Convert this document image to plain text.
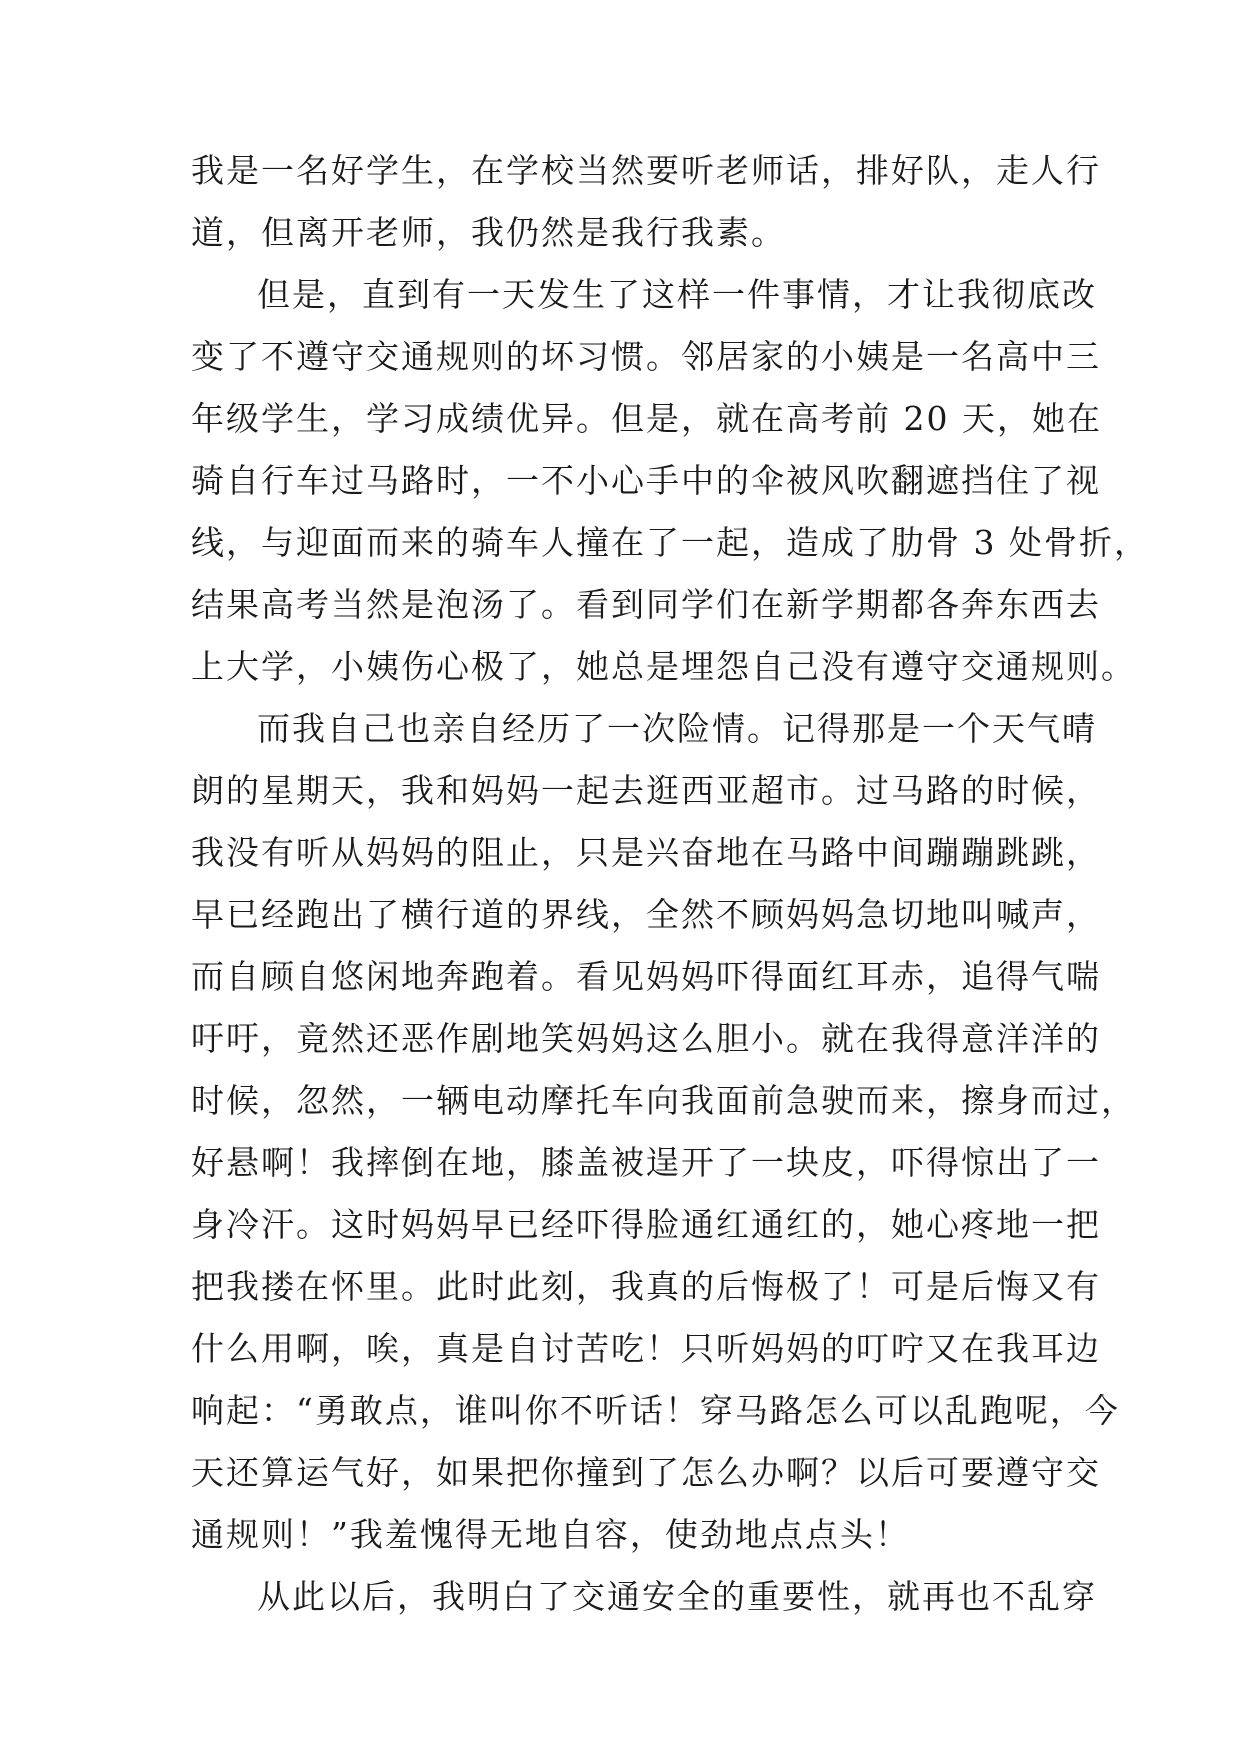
我是一名好学生，在学校当然要听老师话，排好队，走人行
道，但离开老师，我仍然是我行我素。
但是，直到有一天发生了这样一件事情，才让我彻底改
变了不遵守交通规则的坏习惯。邻居家的小姨是一名高中三
年级学生，学习成绩优异。但是，就在高考前 20 天，她在
骑自行车过马路时，一不小心手中的伞被风吹翻遮挡住了视
线，与迎面而来的骑车人撞在了一起，造成了肋骨 3 处骨折，
结果高考当然是泡汤了。看到同学们在新学期都各奔东西去
上大学，小姨伤心极了，她总是埋怨自己没有遵守交通规则。
而我自己也亲自经历了一次险情。记得那是一个天气晴
朗的星期天，我和妈妈一起去逛西亚超市。过马路的时候，
我没有听从妈妈的阻止，只是兴奋地在马路中间蹦蹦跳跳，
早已经跑出了横行道的界线，全然不顾妈妈急切地叫喊声，
而自顾自悠闲地奔跑着。看见妈妈吓得面红耳赤，追得气喘
吁吁，竟然还恶作剧地笑妈妈这么胆小。就在我得意洋洋的
时候，忽然，一辆电动摩托车向我面前急驶而来，擦身而过，
好悬啊！我摔倒在地，膝盖被逞开了一块皮，吓得惊出了一
身冷汗。这时妈妈早已经吓得脸通红通红的，她心疼地一把
把我搂在怀里。此时此刻，我真的后悔极了！可是后悔又有
什么用啊，唉，真是自讨苦吃！只听妈妈的叮咛又在我耳边
响起：“勇敢点，谁叫你不听话！穿马路怎么可以乱跑呢，今
天还算运气好，如果把你撞到了怎么办啊？以后可要遵守交
通规则！”我羞愧得无地自容，使劲地点点头！
从此以后，我明白了交通安全的重要性，就再也不乱穿
